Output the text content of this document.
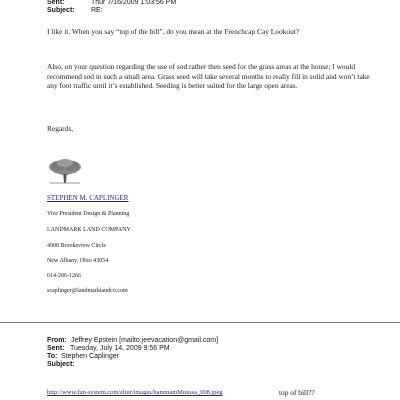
Sent:	Thur 7/16/2009 1:03:56 PM
Subject: RE:
I like it. When you say “top of the bill”, do you mean at the Frenchcap Cay Lookout?
Also, on your question regarding the use of sod rather then seed for the grass areas at the house; I would recommend sod in such a small area. Grass seed will take several months to really fill in solid and won’t take any foot traffic until it’s established. Seeding is better suited for the large open areas.
Regards,
STEPHEN M. CAPLINGER
Vice President Design & Planning
LANDMARK LAND COMPANY
4908 Brookeview Circle
New Albany, Ohio 43054
614-206-1266
scaplinger@landmarklandco.com
From: Jeffrey Epstein [mailto:jeevacation@gmail.com]
Sent: Tuesday, July 14, 2009 9:56 PM
To: Stephen Caplinger
Subject:
http://www.fun-system.com/eltur/images/hammamMoussa_008.jpeg	top of bill??
